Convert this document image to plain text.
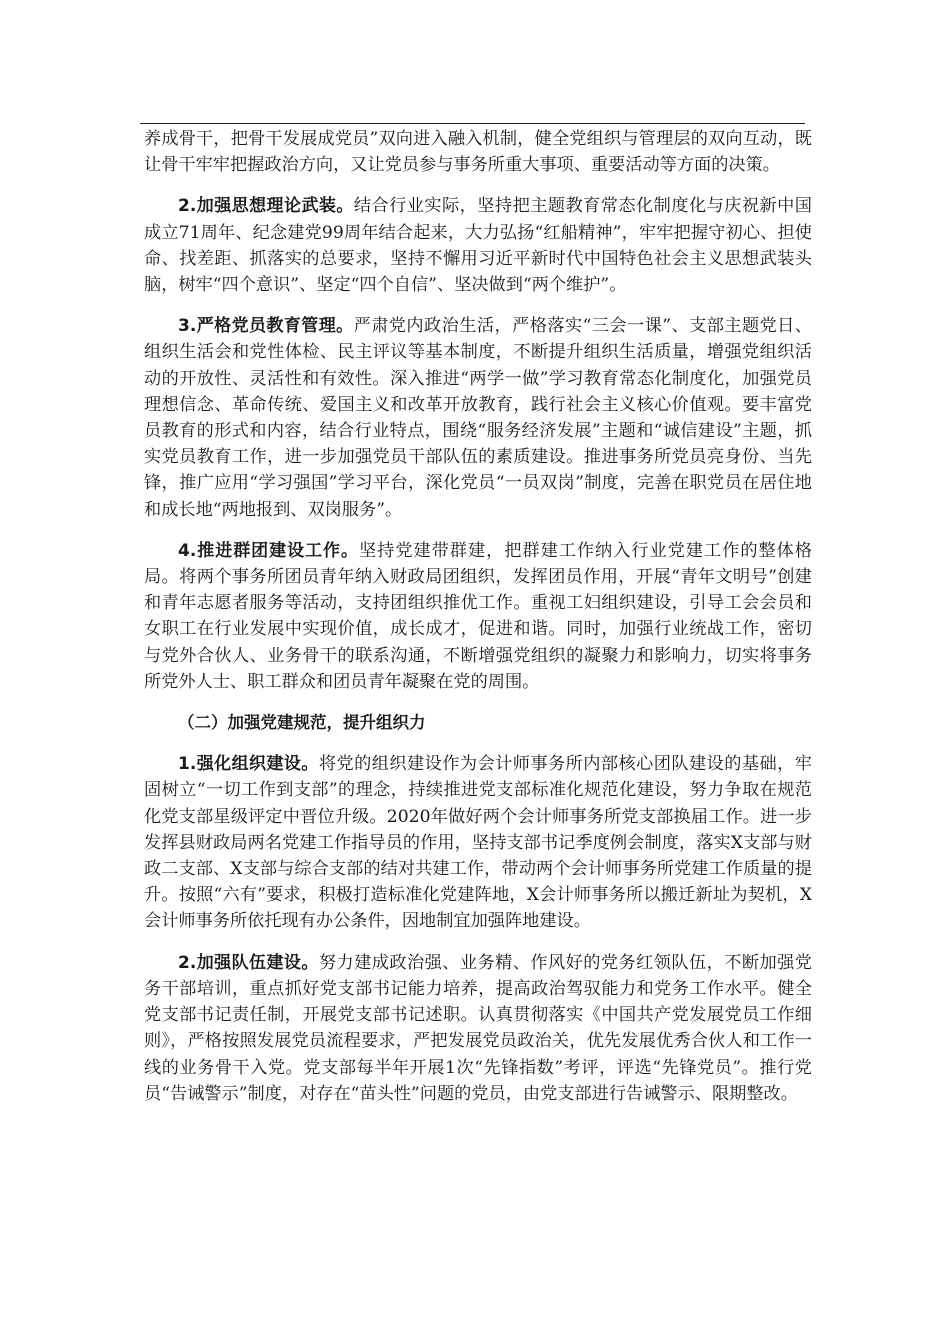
养成骨干，把骨干发展成党员”双向进入融入机制，健全党组织与管理层的双向互动，既让骨干牢牢把握政治方向，又让党员参与事务所重大事项、重要活动等方面的决策。

2.加强思想理论武装。结合行业实际，坚持把主题教育常态化制度化与庆祝新中国成立71周年、纪念建党99周年结合起来，大力弘扬“红船精神”，牢牢把握守初心、担使命、找差距、抓落实的总要求，坚持不懈用习近平新时代中国特色社会主义思想武装头脑，树牢“四个意识”、坚定“四个自信”、坚决做到“两个维护”。

3.严格党员教育管理。严肃党内政治生活，严格落实“三会一课”、支部主题党日、组织生活会和党性体检、民主评议等基本制度，不断提升组织生活质量，增强党组织活动的开放性、灵活性和有效性。深入推进“两学一做”学习教育常态化制度化，加强党员理想信念、革命传统、爱国主义和改革开放教育，践行社会主义核心价值观。要丰富党员教育的形式和内容，结合行业特点，围绕“服务经济发展”主题和“诚信建设”主题，抓实党员教育工作，进一步加强党员干部队伍的素质建设。推进事务所党员亮身份、当先锋，推广应用“学习强国”学习平台，深化党员“一员双岗”制度，完善在职党员在居住地和成长地“两地报到、双岗服务”。

4.推进群团建设工作。坚持党建带群建，把群建工作纳入行业党建工作的整体格局。将两个事务所团员青年纳入财政局团组织，发挥团员作用，开展“青年文明号”创建和青年志愿者服务等活动，支持团组织推优工作。重视工妇组织建设，引导工会会员和女职工在行业发展中实现价值，成长成才，促进和谐。同时，加强行业统战工作，密切与党外合伙人、业务骨干的联系沟通，不断增强党组织的凝聚力和影响力，切实将事务所党外人士、职工群众和团员青年凝聚在党的周围。

（二）加强党建规范，提升组织力

1.强化组织建设。将党的组织建设作为会计师事务所内部核心团队建设的基础，牢固树立“一切工作到支部”的理念，持续推进党支部标准化规范化建设，努力争取在规范化党支部星级评定中晋位升级。2020年做好两个会计师事务所党支部换届工作。进一步发挥县财政局两名党建工作指导员的作用，坚持支部书记季度例会制度，落实X支部与财政二支部、X支部与综合支部的结对共建工作，带动两个会计师事务所党建工作质量的提升。按照“六有”要求，积极打造标准化党建阵地，X会计师事务所以搬迁新址为契机，X会计师事务所依托现有办公条件，因地制宜加强阵地建设。

2.加强队伍建设。努力建成政治强、业务精、作风好的党务红领队伍，不断加强党务干部培训，重点抓好党支部书记能力培养，提高政治驾驭能力和党务工作水平。健全党支部书记责任制，开展党支部书记述职。认真贯彻落实《中国共产党发展党员工作细则》，严格按照发展党员流程要求，严把发展党员政治关，优先发展优秀合伙人和工作一线的业务骨干入党。党支部每半年开展1次“先锋指数”考评，评选“先锋党员”。推行党员“告诫警示”制度，对存在“苗头性”问题的党员，由党支部进行告诫警示、限期整改。
